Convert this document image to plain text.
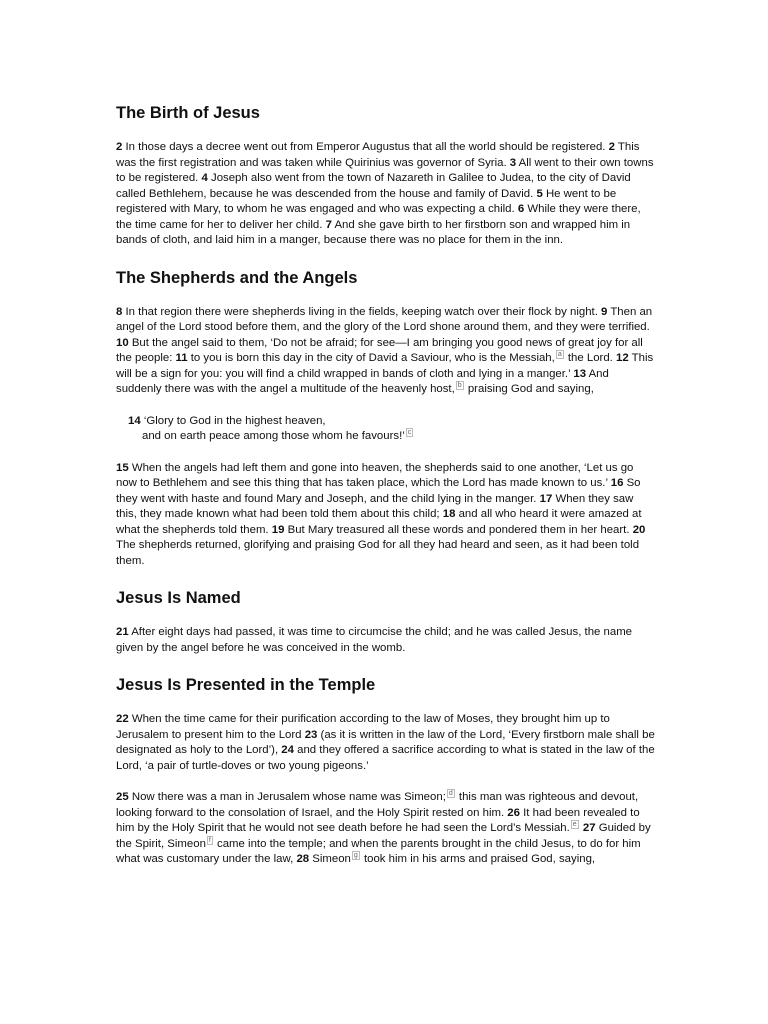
The Birth of Jesus

2 In those days a decree went out from Emperor Augustus that all the world should be registered. 2 This was the first registration and was taken while Quirinius was governor of Syria. 3 All went to their own towns to be registered. 4 Joseph also went from the town of Nazareth in Galilee to Judea, to the city of David called Bethlehem, because he was descended from the house and family of David. 5 He went to be registered with Mary, to whom he was engaged and who was expecting a child. 6 While they were there, the time came for her to deliver her child. 7 And she gave birth to her firstborn son and wrapped him in bands of cloth, and laid him in a manger, because there was no place for them in the inn.

The Shepherds and the Angels

8 In that region there were shepherds living in the fields, keeping watch over their flock by night. 9 Then an angel of the Lord stood before them, and the glory of the Lord shone around them, and they were terrified. 10 But the angel said to them, ‘Do not be afraid; for see—I am bringing you good news of great joy for all the people: 11 to you is born this day in the city of David a Saviour, who is the Messiah, $^a$ the Lord. 12 This will be a sign for you: you will find a child wrapped in bands of cloth and lying in a manger.’ 13 And suddenly there was with the angel a multitude of the heavenly host, $^b$ praising God and saying,

14 ‘Glory to God in the highest heaven,
and on earth peace among those whom he favours!’ $^c$

15 When the angels had left them and gone into heaven, the shepherds said to one another, ‘Let us go now to Bethlehem and see this thing that has taken place, which the Lord has made known to us.’ 16 So they went with haste and found Mary and Joseph, and the child lying in the manger. 17 When they saw this, they made known what had been told them about this child; 18 and all who heard it were amazed at what the shepherds told them. 19 But Mary treasured all these words and pondered them in her heart. 20 The shepherds returned, glorifying and praising God for all they had heard and seen, as it had been told them.

Jesus Is Named

21 After eight days had passed, it was time to circumcise the child; and he was called Jesus, the name given by the angel before he was conceived in the womb.

Jesus Is Presented in the Temple

22 When the time came for their purification according to the law of Moses, they brought him up to Jerusalem to present him to the Lord 23 (as it is written in the law of the Lord, ‘Every firstborn male shall be designated as holy to the Lord’), 24 and they offered a sacrifice according to what is stated in the law of the Lord, ‘a pair of turtle-doves or two young pigeons.’

25 Now there was a man in Jerusalem whose name was Simeon; $^d$ this man was righteous and devout, looking forward to the consolation of Israel, and the Holy Spirit rested on him. 26 It had been revealed to him by the Holy Spirit that he would not see death before he had seen the Lord’s Messiah. $^e$ 27 Guided by the Spirit, Simeon $^f$ came into the temple; and when the parents brought in the child Jesus, to do for him what was customary under the law, 28 Simeon $^g$ took him in his arms and praised God, saying,
